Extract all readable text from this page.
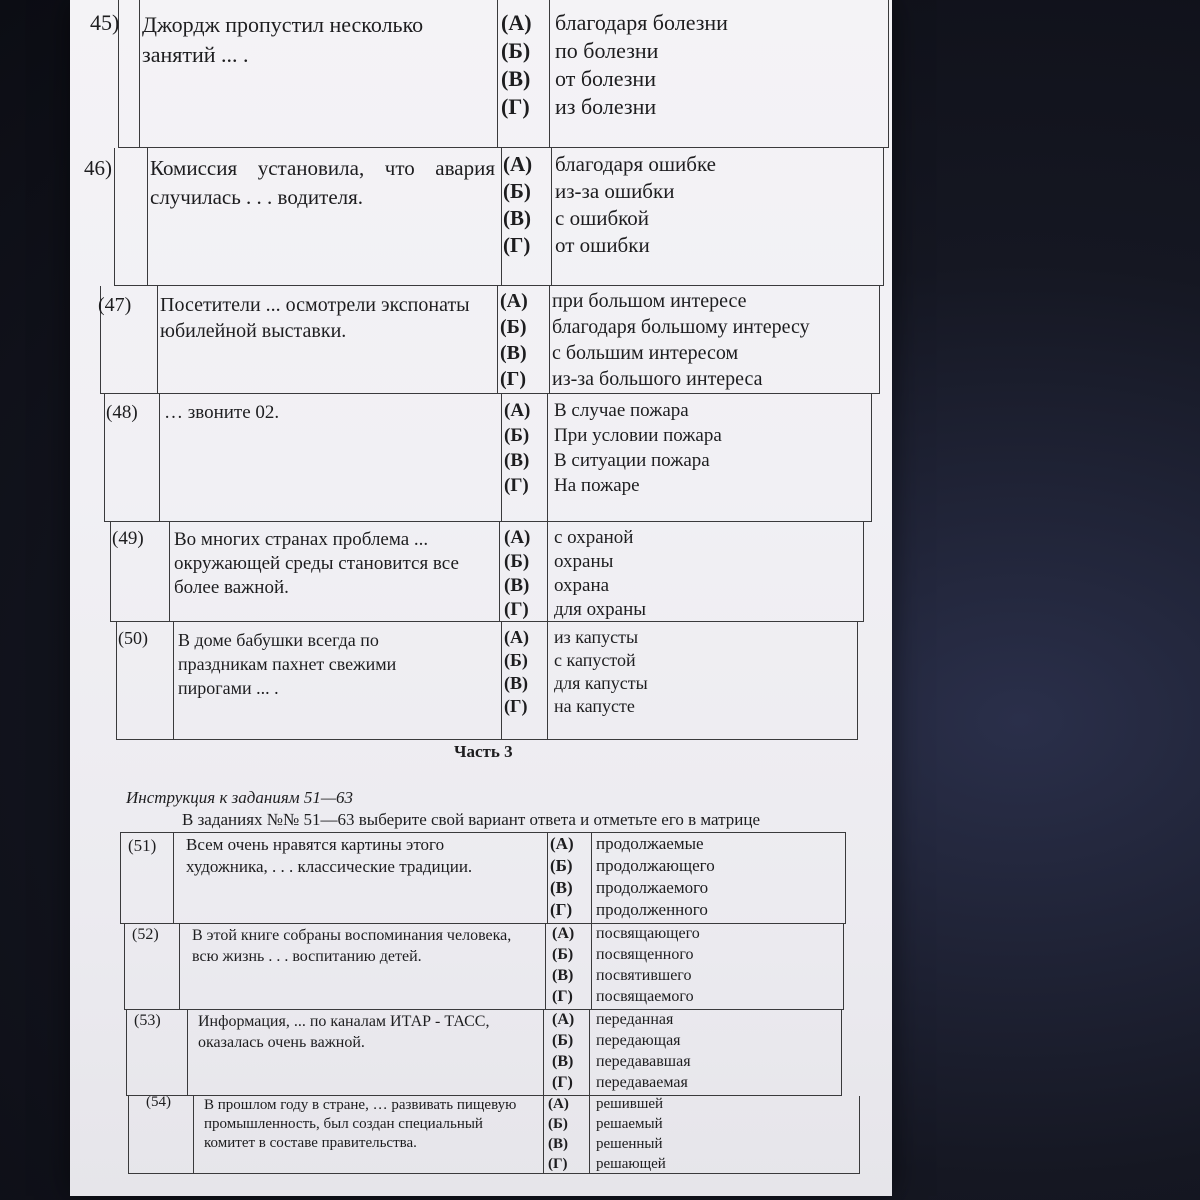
45) Джордж пропустил несколько занятий ... .
(А) благодаря болезни
(Б) по болезни
(В) от болезни
(Г) из болезни
46) Комиссия установила, что авария случилась . . . водителя.
(А) благодаря ошибке
(Б) из-за ошибки
(В) с ошибкой
(Г) от ошибки
(47) Посетители ... осмотрели экспонаты юбилейной выставки.
(А) при большом интересе
(Б) благодаря большому интересу
(В) с большим интересом
(Г) из-за большого интереса
(48) … звоните 02.	(А) В случае пожара
(Б) При условии пожара
(В) В ситуации пожара
(Г) На пожаре
(49) Во многих странах проблема ... окружающей среды становится все более важной.
(А) с охраной
(Б) охраны
(В) охрана
(Г) для охраны
(50) В доме бабушки всегда по праздникам пахнет свежими пирогами ... .
(А) из капусты
(Б) с капустой
(В) для капусты
(Г) на капусте
Часть 3
Инструкция к заданиям 51—63
В заданиях №№ 51—63 выберите свой вариант ответа и отметьте его в матрице
(51) Всем очень нравятся картины этого художника, . . . классические традиции.
(А) продолжаемые
(Б) продолжающего
(В) продолжаемого
(Г) продолженного
(52) В этой книге собраны воспоминания человека, всю жизнь . . . воспитанию детей.
(А) посвящающего
(Б) посвященного
(В) посвятившего
(Г) посвящаемого
(53) Информация, ... по каналам ИТАР - ТАСС, оказалась очень важной.
(А) переданная
(Б) передающая
(В) передававшая
(Г) передаваемая
(54) В прошлом году в стране, … развивать пищевую промышленность, был создан специальный комитет в составе правительства.
(А) решившей
(Б) решаемый
(В) решенный
(Г) решающей
